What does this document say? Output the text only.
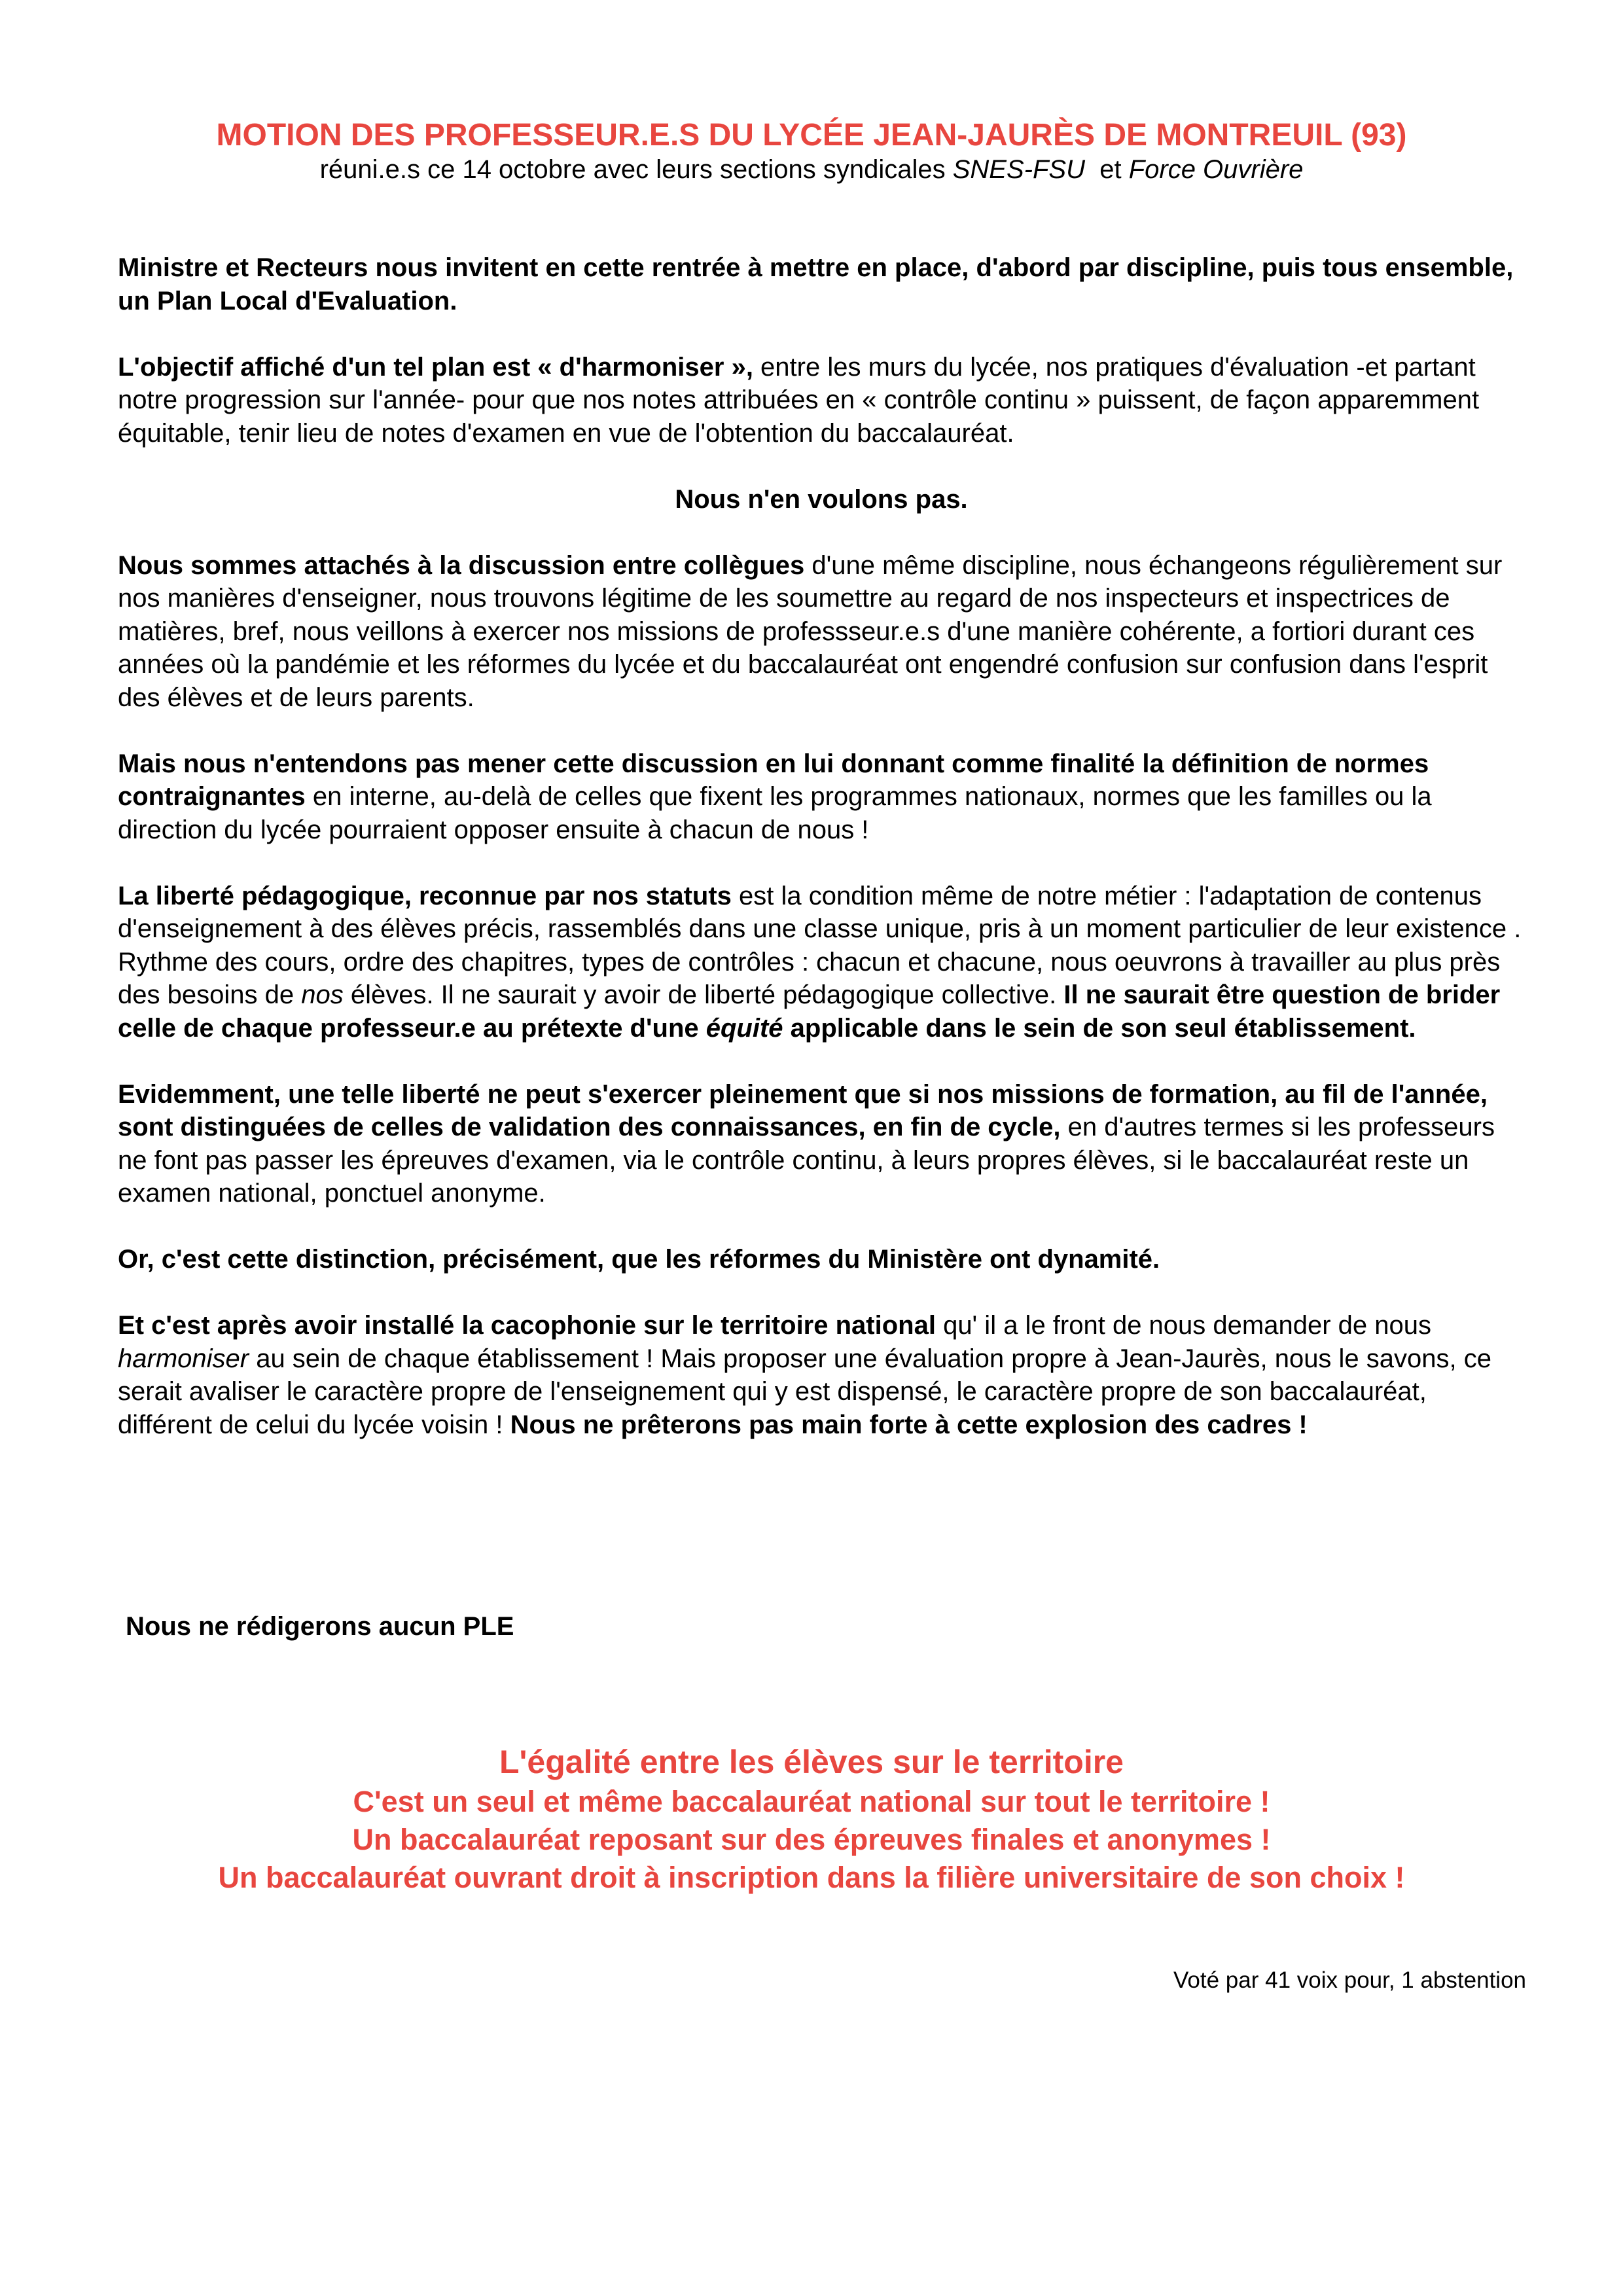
MOTION DES PROFESSEUR.E.S DU LYCÉE JEAN-JAURÈS DE MONTREUIL (93)
réuni.e.s ce 14 octobre avec leurs sections syndicales SNES-FSU  et Force Ouvrière

Ministre et Recteurs nous invitent en cette rentrée à mettre en place, d'abord par discipline, puis tous ensemble, un Plan Local d'Evaluation.

L'objectif affiché d'un tel plan est « d'harmoniser », entre les murs du lycée, nos pratiques d'évaluation -et partant notre progression sur l'année- pour que nos notes attribuées en « contrôle continu » puissent, de façon apparemment équitable, tenir lieu de notes d'examen en vue de l'obtention du baccalauréat.

Nous n'en voulons pas.

Nous sommes attachés à la discussion entre collègues d'une même discipline, nous échangeons régulièrement sur nos manières d'enseigner, nous trouvons légitime de les soumettre au regard de nos inspecteurs et inspectrices de matières, bref, nous veillons à exercer nos missions de professseur.e.s d'une manière cohérente, a fortiori durant ces années où la pandémie et les réformes du lycée et du baccalauréat ont engendré confusion sur confusion dans l'esprit des élèves et de leurs parents.

Mais nous n'entendons pas mener cette discussion en lui donnant comme finalité la définition de normes contraignantes en interne, au-delà de celles que fixent les programmes nationaux, normes que les familles ou la direction du lycée pourraient opposer ensuite à chacun de nous !

La liberté pédagogique, reconnue par nos statuts est la condition même de notre métier : l'adaptation de contenus d'enseignement à des élèves précis, rassemblés dans une classe unique, pris à un moment particulier de leur existence . Rythme des cours, ordre des chapitres, types de contrôles : chacun et chacune, nous oeuvrons à travailler au plus près des besoins de nos élèves. Il ne saurait y avoir de liberté pédagogique collective. Il ne saurait être question de brider celle de chaque professeur.e au prétexte d'une équité applicable dans le sein de son seul établissement.

Evidemment, une telle liberté ne peut s'exercer pleinement que si nos missions de formation, au fil de l'année, sont distinguées de celles de validation des connaissances, en fin de cycle, en d'autres termes si les professeurs ne font pas passer les épreuves d'examen, via le contrôle continu, à leurs propres élèves, si le baccalauréat reste un examen national, ponctuel anonyme.

Or, c'est cette distinction, précisément, que les réformes du Ministère ont dynamité.

Et c'est après avoir installé la cacophonie sur le territoire national qu' il a le front de nous demander de nous harmoniser au sein de chaque établissement ! Mais proposer une évaluation propre à Jean-Jaurès, nous le savons, ce serait avaliser le caractère propre de l'enseignement qui y est dispensé, le caractère propre de son baccalauréat, différent de celui du lycée voisin ! Nous ne prêterons pas main forte à cette explosion des cadres !

Nous ne rédigerons aucun PLE
L'égalité entre les élèves sur le territoire
C'est un seul et même baccalauréat national sur tout le territoire !
Un baccalauréat reposant sur des épreuves finales et anonymes !
Un baccalauréat ouvrant droit à inscription dans la filière universitaire de son choix !
Voté par 41 voix pour, 1 abstention
